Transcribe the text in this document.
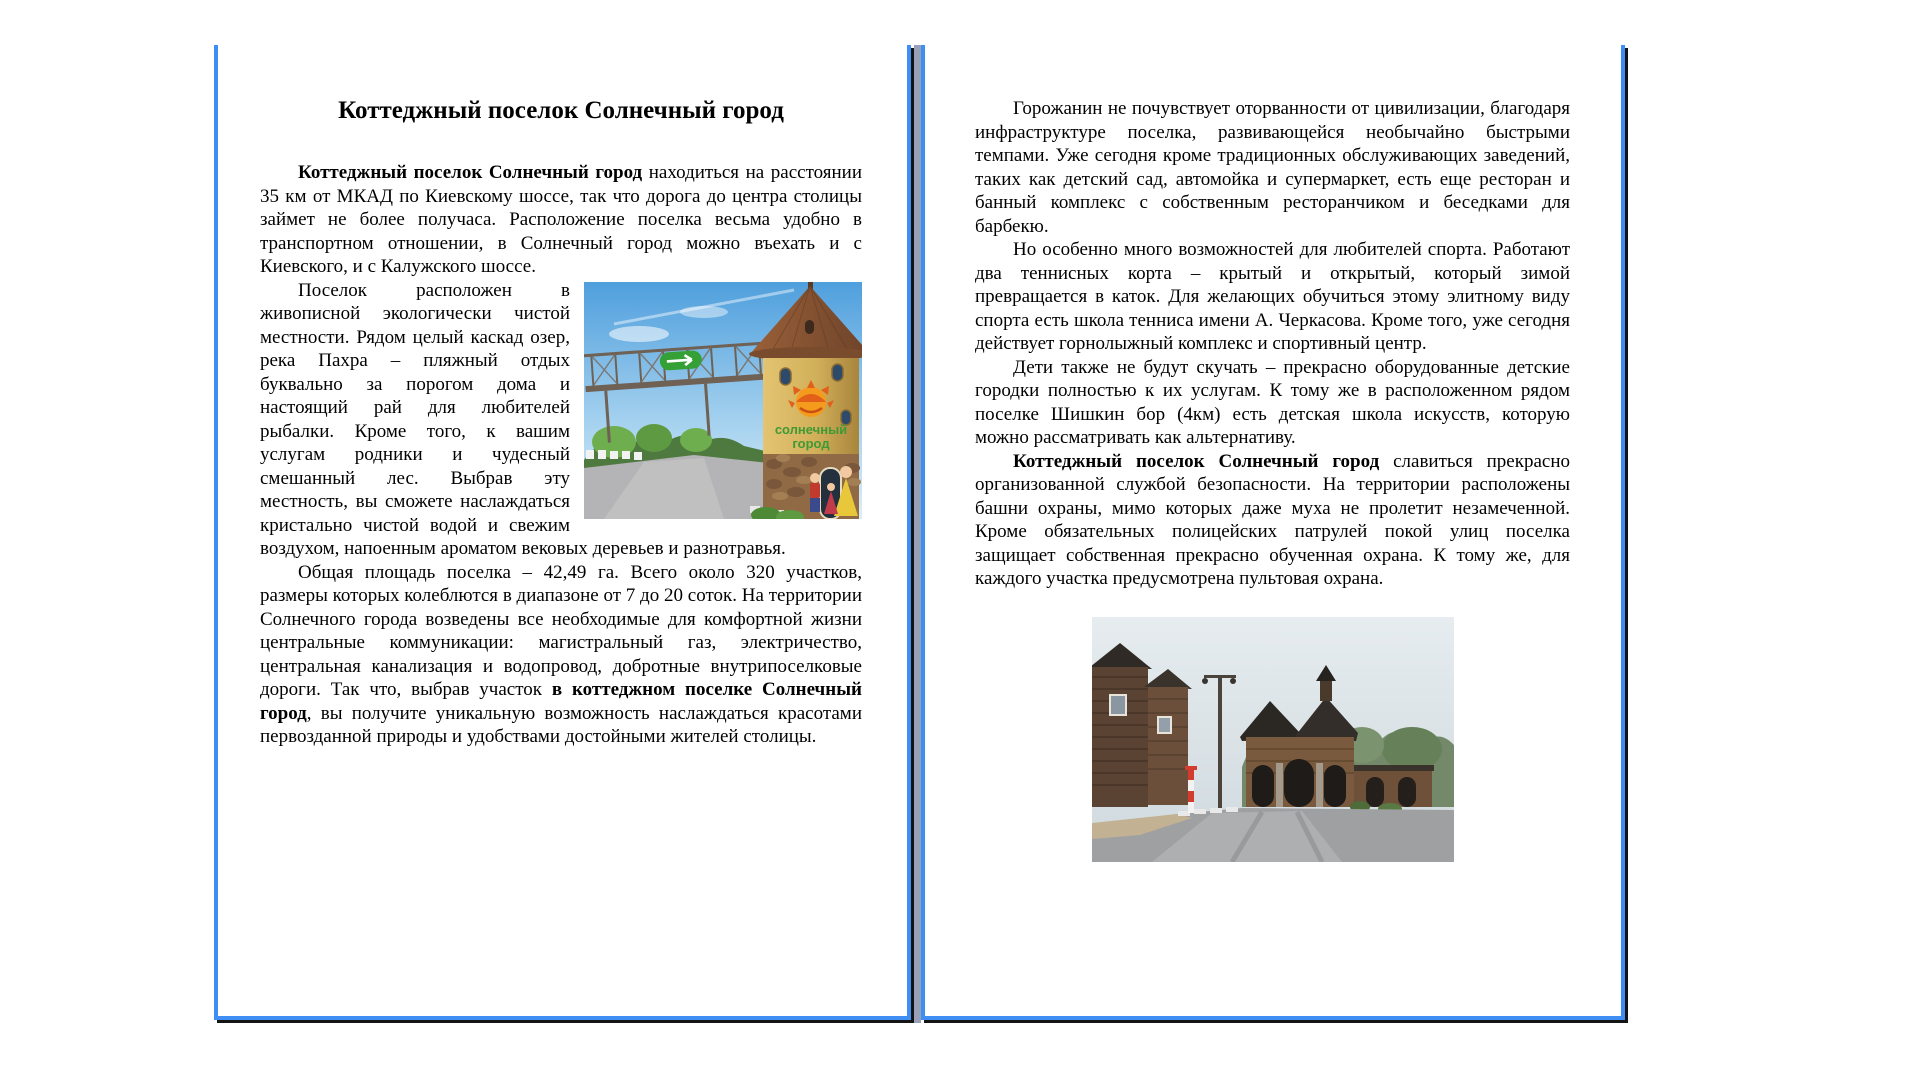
Коттеджный поселок Солнечный город

Коттеджный поселок Солнечный город находиться на расстоянии 35 км от МКАД по Киевскому шоссе, так что дорога до центра столицы займет не более получаса. Расположение поселка весьма удобно в транспортном отношении, в Солнечный город можно въехать и с Киевского, и с Калужского шоссе.

солнечный
город
Поселок расположен в живописной экологически чистой местности. Рядом целый каскад озер, река Пахра – пляжный отдых буквально за порогом дома и настоящий рай для любителей рыбалки. Кроме того, к вашим услугам родники и чудесный смешанный лес. Выбрав эту местность, вы сможете наслаждаться кристально чистой водой и свежим воздухом, напоенным ароматом вековых деревьев и разнотравья.

Общая площадь поселка – 42,49 га. Всего около 320 участков, размеры которых колеблются в диапазоне от 7 до 20 соток. На территории Солнечного города возведены все необходимые для комфортной жизни центральные коммуникации: магистральный газ, электричество, центральная канализация и водопровод, добротные внутрипоселковые дороги. Так что, выбрав участок в коттеджном поселке Солнечный город, вы получите уникальную возможность наслаждаться красотами первозданной природы и удобствами достойными жителей столицы.

Горожанин не почувствует оторванности от цивилизации, благодаря инфраструктуре поселка, развивающейся необычайно быстрыми темпами. Уже сегодня кроме традиционных обслуживающих заведений, таких как детский сад, автомойка и супермаркет, есть еще ресторан и банный комплекс с собственным ресторанчиком и беседками для барбекю.

Но особенно много возможностей для любителей спорта. Работают два теннисных корта – крытый и открытый, который зимой превращается в каток. Для желающих обучиться этому элитному виду спорта есть школа тенниса имени А. Черкасова. Кроме того, уже сегодня действует горнолыжный комплекс и спортивный центр.

Дети также не будут скучать – прекрасно оборудованные детские городки полностью к их услугам. К тому же в расположенном рядом поселке Шишкин бор (4км) есть детская школа искусств, которую можно рассматривать как альтернативу.

Коттеджный поселок Солнечный город славиться прекрасно организованной службой безопасности. На территории расположены башни охраны, мимо которых даже муха не пролетит незамеченной. Кроме обязательных полицейских патрулей покой улиц поселка защищает собственная прекрасно обученная охрана. К тому же, для каждого участка предусмотрена пультовая охрана.
